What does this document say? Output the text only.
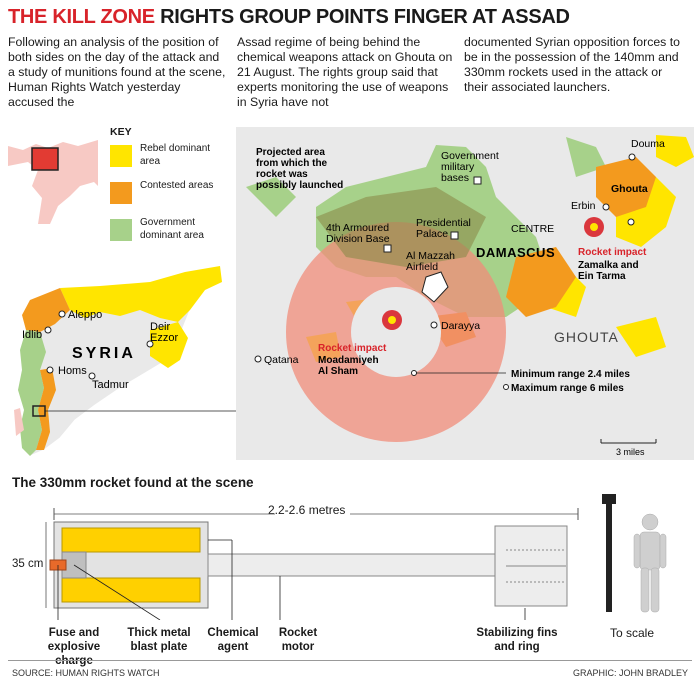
THE KILL ZONE RIGHTS GROUP POINTS FINGER AT ASSAD
Following an analysis of the position of both sides on the day of the attack and a study of munitions found at the scene, Human Rights Watch yesterday accused the
Assad regime of being behind the chemical weapons attack on Ghouta on 21 August. The rights group said that experts monitoring the use of weapons in Syria have not
documented Syrian opposition forces to be in the possession of the 140mm and 330mm rockets used in the attack or their associated launchers.
KEY
Rebel dominant area
Contested areas
Government dominant area
Aleppo
Idlib
Deir Ezzor
Homs
Tadmur
SYRIA
Projected area from which the rocket was possibly launched
Government military bases
4th Armoured Division Base
Presidential Palace
Al Mazzah Airfield
DAMASCUS
CENTRE
Douma
Ghouta
Erbin
Rocket impact
Zamalka and Ein Tarma
Darayya
GHOUTA
Qatana
Rocket impact
Moadamiyeh Al Sham	Minimum range 2.4 miles
Maximum range 6 miles
3 miles
The 330mm rocket found at the scene
2.2-2.6 metres
35 cm
Fuse and explosive charge
Thick metal blast plate
Chemical agent
Rocket motor
Stabilizing fins and ring
To scale
SOURCE: HUMAN RIGHTS WATCH	GRAPHIC: JOHN BRADLEY
